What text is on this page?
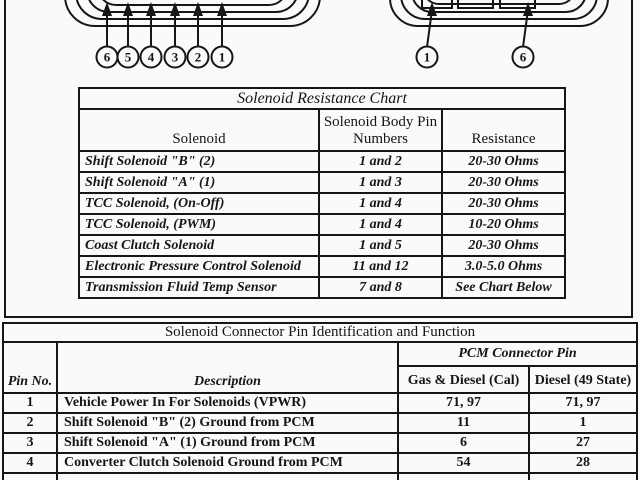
6 5 4 3 2 1	1	6
Solenoid Resistance Chart		
Solenoid	Solenoid Body Pin Numbers	Resistance
Shift Solenoid "B" (2)	1 and 2	20-30 Ohms
Shift Solenoid "A" (1)	1 and 3	20-30 Ohms
TCC Solenoid, (On-Off)	1 and 4	20-30 Ohms
TCC Solenoid, (PWM)	1 and 4	10-20 Ohms
Coast Clutch Solenoid	1 and 5	20-30 Ohms
Electronic Pressure Control Solenoid	11 and 12	3.0-5.0 Ohms
Transmission Fluid Temp Sensor	7 and 8	See Chart Below
Solenoid Connector Pin Identification and Function			
Pin No.	Description	PCM Connector Pin	
		Gas & Diesel (Cal)	Diesel (49 State)
1	Vehicle Power In For Solenoids (VPWR)	71, 97	71, 97
2	Shift Solenoid "B" (2) Ground from PCM	11	1
3	Shift Solenoid "A" (1) Ground from PCM	6	27
4	Converter Clutch Solenoid Ground from PCM	54	28
